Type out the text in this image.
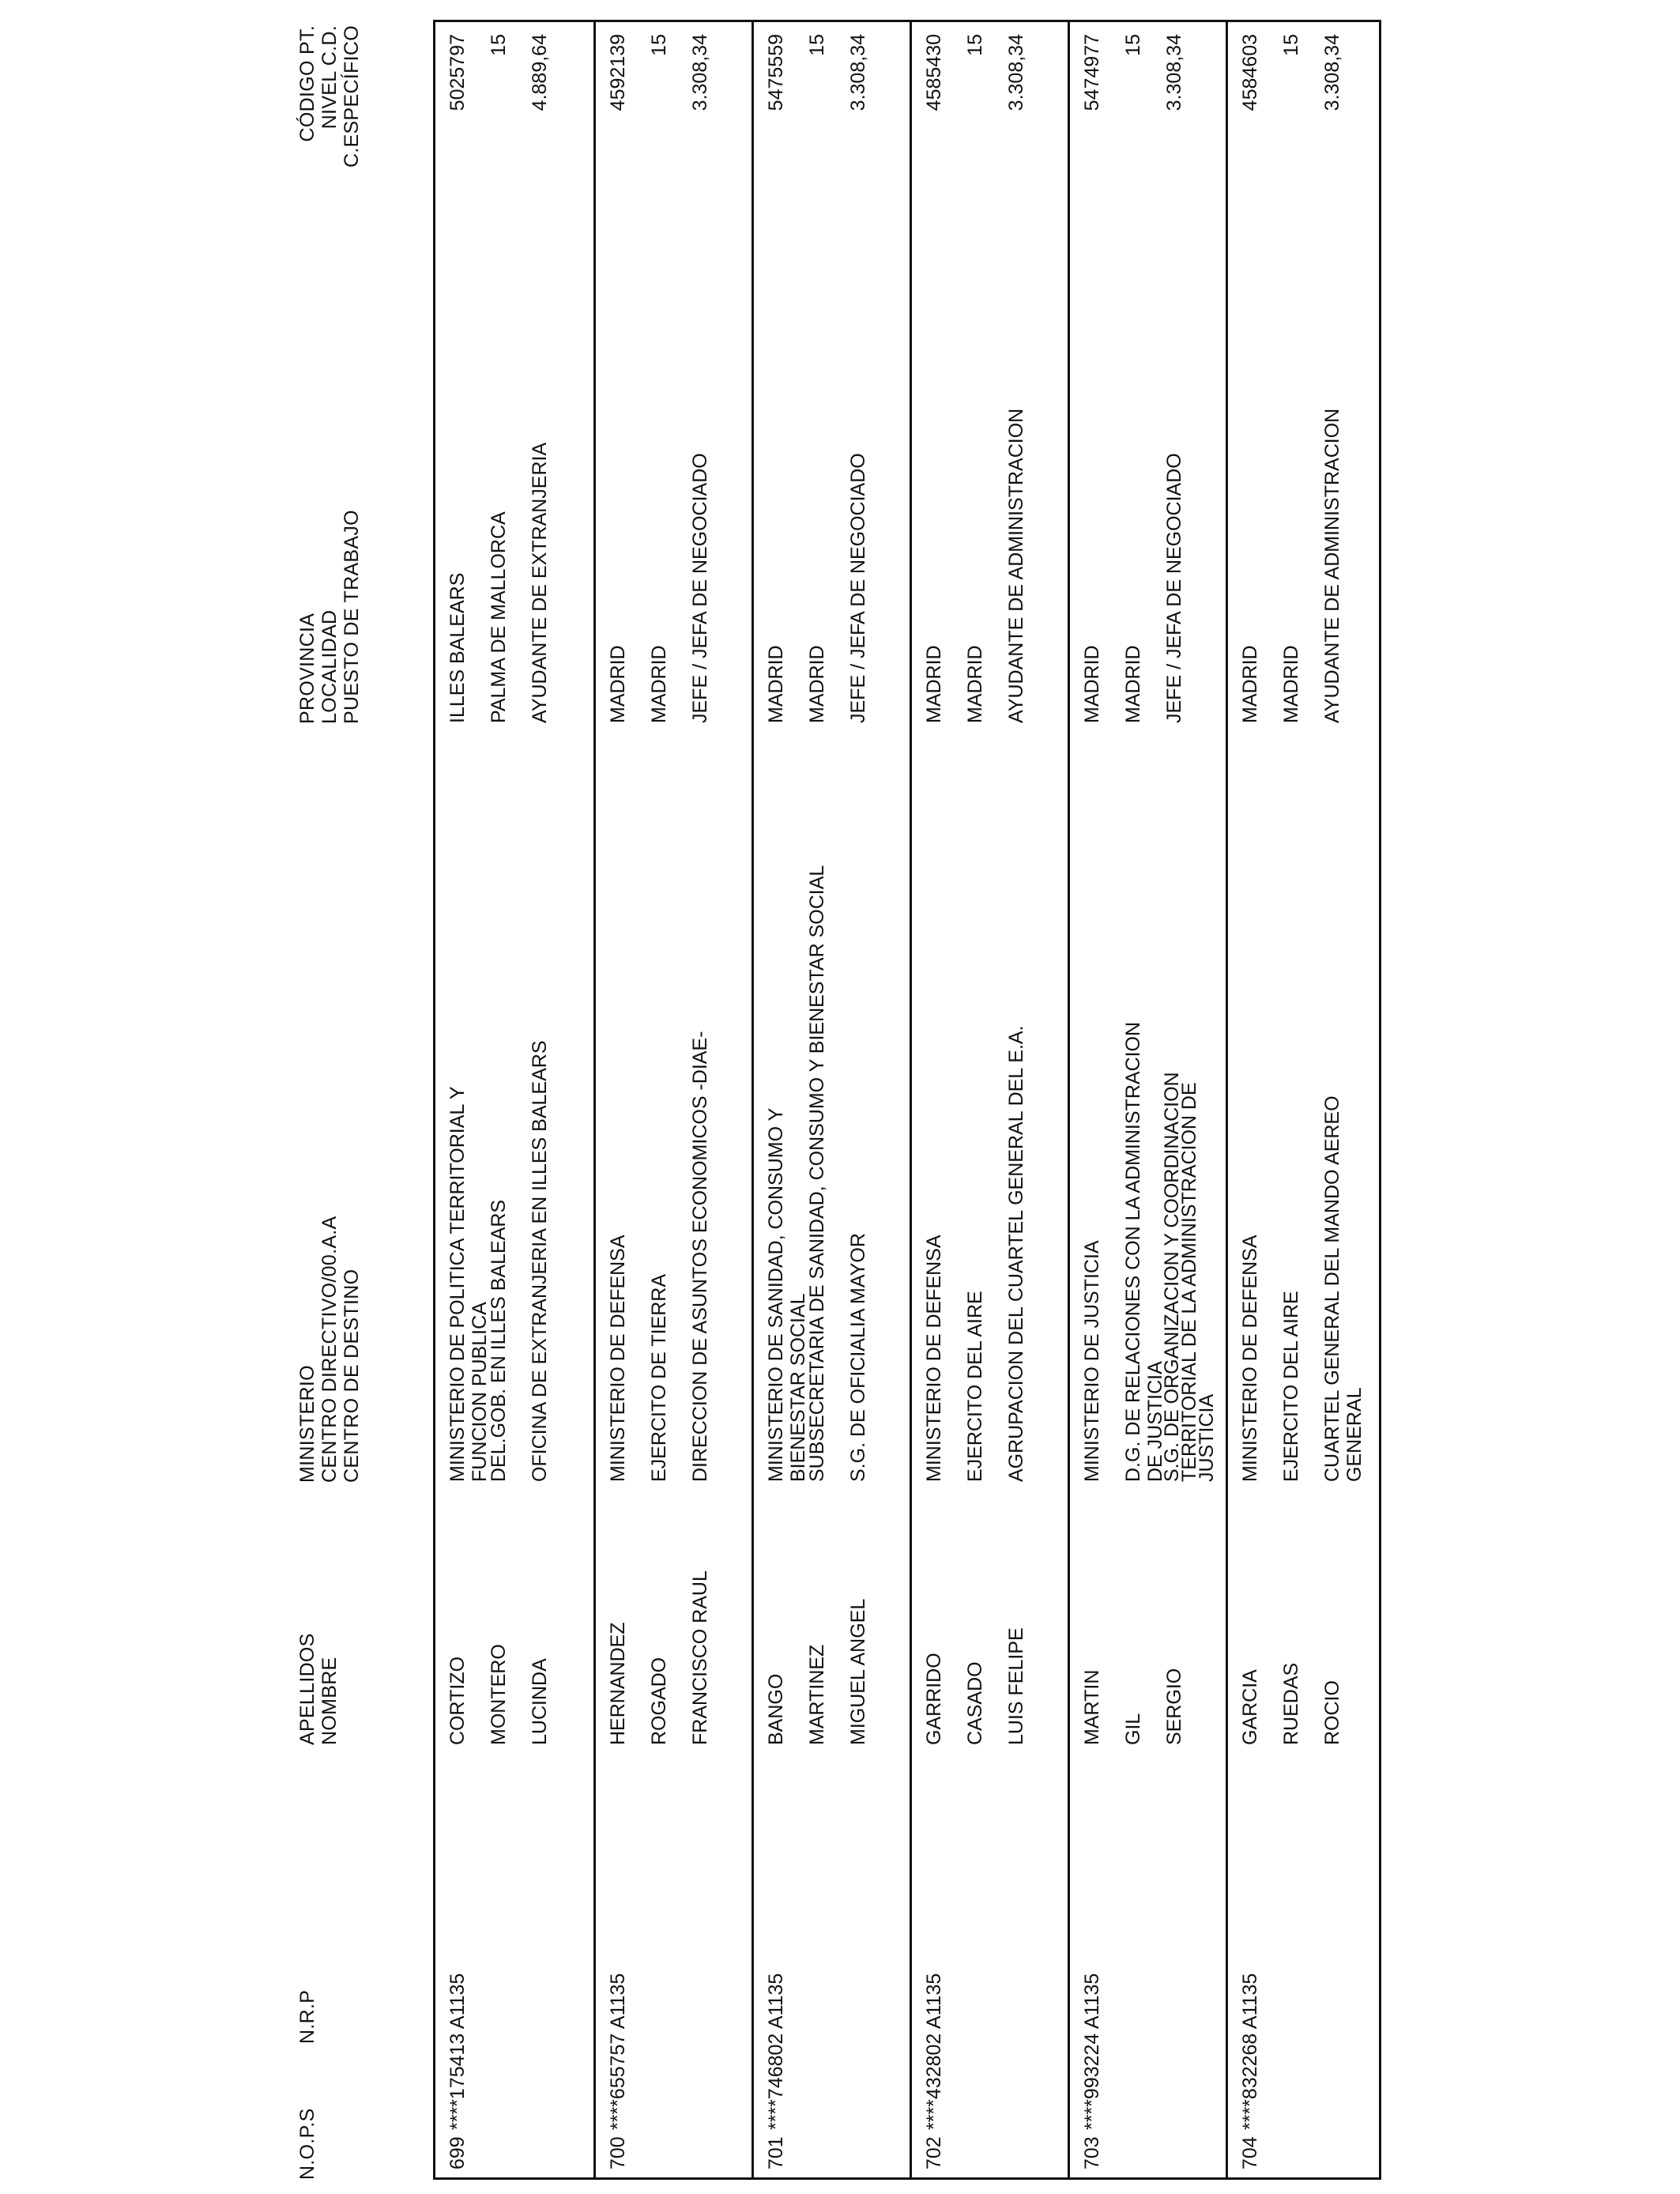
N.O.P.S
N.R.P
APELLIDOS NOMBRE
MINISTERIO CENTRO DIRECTIVO/00.A.A CENTRO DE DESTINO
PROVINCIA LOCALIDAD PUESTO DE TRABAJO
CÓDIGO PT. NIVEL C.D. C.ESPECÍFICO
699
****175413 A1135
CORTIZO MONTERO LUCINDA
MINISTERIO DE POLITICA TERRITORIAL Y FUNCION PUBLICA
DEL.GOB. EN ILLES BALEARS OFICINA DE EXTRANJERIA EN ILLES BALEARS
ILLES BALEARS PALMA DE MALLORCA AYUDANTE DE EXTRANJERIA
5025797 15 4.889,64
700
****655757 A1135
HERNANDEZ ROGADO FRANCISCO RAUL
MINISTERIO DE DEFENSA EJERCITO DE TIERRA DIRECCION DE ASUNTOS ECONOMICOS -DIAE-
MADRID MADRID JEFE / JEFA DE NEGOCIADO
4592139 15 3.308,34
701
****746802 A1135
BANGO MARTINEZ MIGUEL ANGEL
MINISTERIO DE SANIDAD, CONSUMO Y BIENESTAR SOCIAL
SUBSECRETARIA DE SANIDAD, CONSUMO Y BIENESTAR SOCIAL S.G. DE OFICIALIA MAYOR
MADRID MADRID JEFE / JEFA DE NEGOCIADO
5475559 15 3.308,34
702
****432802 A1135
GARRIDO CASADO LUIS FELIPE
MINISTERIO DE DEFENSA EJERCITO DEL AIRE AGRUPACION DEL CUARTEL GENERAL DEL E.A.
MADRID MADRID AYUDANTE DE ADMINISTRACION
4585430 15 3.308,34
703
****993224 A1135
MARTIN GIL SERGIO
MINISTERIO DE JUSTICIA D.G. DE RELACIONES CON LA ADMINISTRACION DE JUSTICIA
S.G. DE ORGANIZACION Y COORDINACION TERRITORIAL DE LA ADMINISTRACION DE JUSTICIA
MADRID MADRID JEFE / JEFA DE NEGOCIADO
5474977 15 3.308,34
704
****832268 A1135
GARCIA RUEDAS ROCIO
MINISTERIO DE DEFENSA EJERCITO DEL AIRE CUARTEL GENERAL DEL MANDO AEREO GENERAL
MADRID MADRID AYUDANTE DE ADMINISTRACION
4584603 15 3.308,34
